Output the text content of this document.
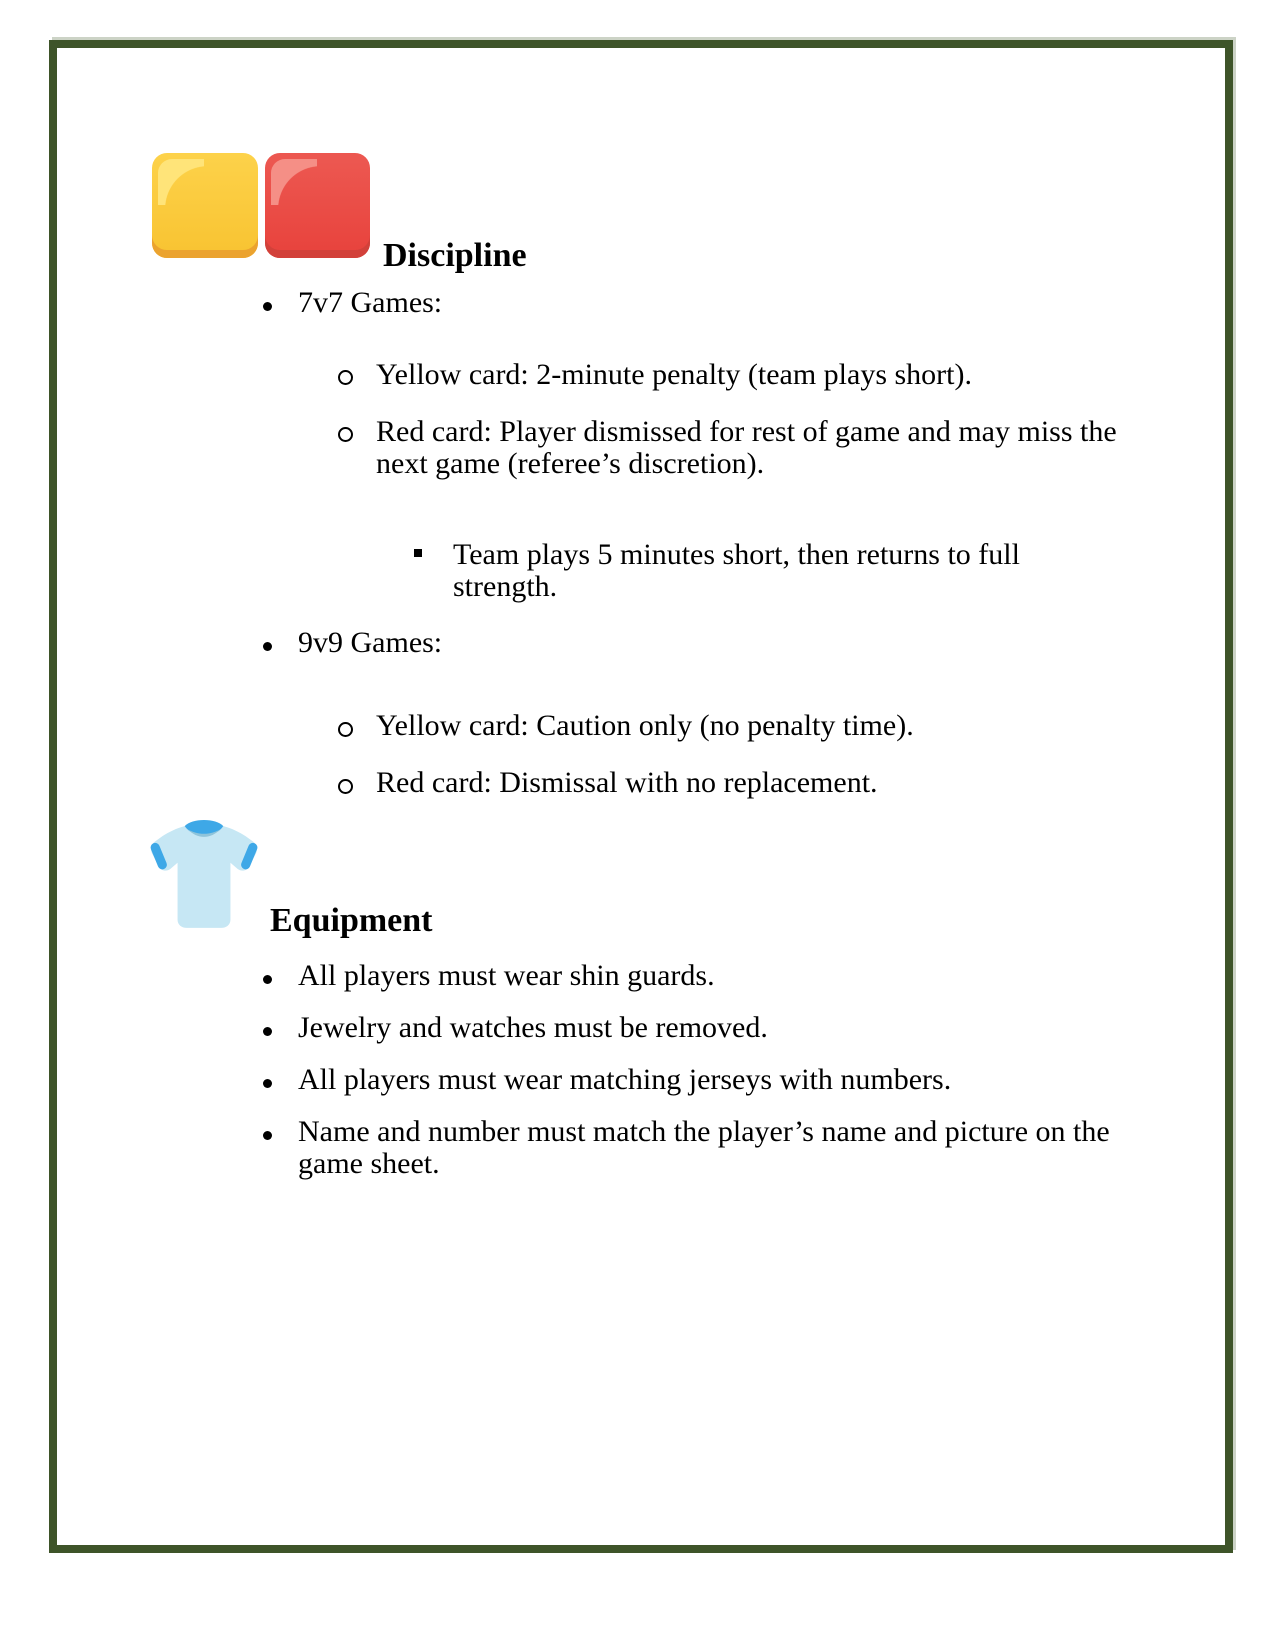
Discipline
7v7 Games:
Yellow card: 2-minute penalty (team plays short).
Red card: Player dismissed for rest of game and may miss the
next game (referee’s discretion).
Team plays 5 minutes short, then returns to full
strength.
9v9 Games:
Yellow card: Caution only (no penalty time).
Red card: Dismissal with no replacement.
Equipment
All players must wear shin guards.
Jewelry and watches must be removed.
All players must wear matching jerseys with numbers.
Name and number must match the player’s name and picture on the
game sheet.
